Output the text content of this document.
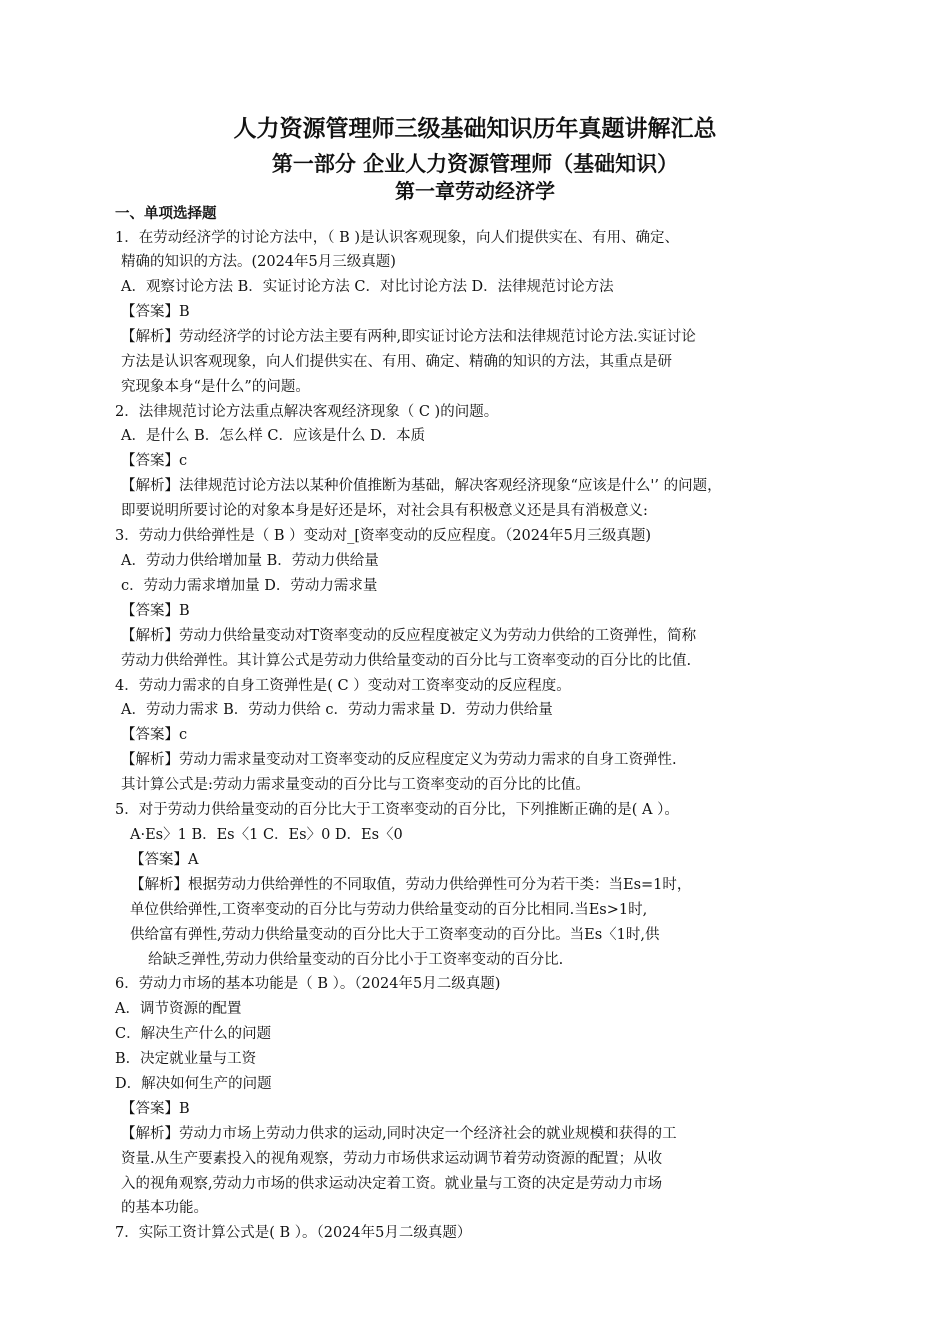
人力资源管理师三级基础知识历年真题讲解汇总
第一部分 企业人力资源管理师（基础知识）
第一章劳动经济学
一、单项选择题
1．在劳动经济学的讨论方法中，（ B )是认识客观现象，向人们提供实在、有用、确定、
精确的知识的方法。(2024年5月三级真题)
A．观察讨论方法 B．实证讨论方法 C．对比讨论方法 D．法律规范讨论方法
【答案】B
【解析】劳动经济学的讨论方法主要有两种,即实证讨论方法和法律规范讨论方法.实证讨论
方法是认识客观现象，向人们提供实在、有用、确定、精确的知识的方法，其重点是研
究现象本身“是什么”的问题。
2．法律规范讨论方法重点解决客观经济现象（ C )的问题。
A．是什么 B．怎么样 C．应该是什么 D．本质
【答案】c
【解析】法律规范讨论方法以某种价值推断为基础，解决客观经济现象“应该是什么'’ 的问题，
即要说明所要讨论的对象本身是好还是坏，对社会具有积极意义还是具有消极意义:
3．劳动力供给弹性是（ B ）变动对_[资率变动的反应程度。（2024年5月三级真题)
A．劳动力供给增加量 B．劳动力供给量
c．劳动力需求增加量 D．劳动力需求量
【答案】B
【解析】劳动力供给量变动对T资率变动的反应程度被定义为劳动力供给的工资弹性，简称
劳动力供给弹性。其计算公式是劳动力供给量变动的百分比与工资率变动的百分比的比值.
4．劳动力需求的自身工资弹性是( C ）变动对工资率变动的反应程度。
A．劳动力需求 B．劳动力供给 c．劳动力需求量 D．劳动力供给量
【答案】c
【解析】劳动力需求量变动对工资率变动的反应程度定义为劳动力需求的自身工资弹性.
其计算公式是:劳动力需求量变动的百分比与工资率变动的百分比的比值。
5．对于劳动力供给量变动的百分比大于工资率变动的百分比，下列推断正确的是( A ）。
A·Es〉1 B．Es〈1 C．Es〉0 D．Es〈0
【答案】A
【解析】根据劳动力供给弹性的不同取值，劳动力供给弹性可分为若干类：当Es=1时，
单位供给弹性,工资率变动的百分比与劳动力供给量变动的百分比相同.当Es>1时,
供给富有弹性,劳动力供给量变动的百分比大于工资率变动的百分比。当Es〈1时,供
给缺乏弹性,劳动力供给量变动的百分比小于工资率变动的百分比.
6．劳动力市场的基本功能是（ B ）。（2024年5月二级真题)
A．调节资源的配置
C．解决生产什么的问题
B．决定就业量与工资
D．解决如何生产的问题
【答案】B
【解析】劳动力市场上劳动力供求的运动,同时决定一个经济社会的就业规模和获得的工
资量.从生产要素投入的视角观察，劳动力市场供求运动调节着劳动资源的配置；从收
入的视角观察,劳动力市场的供求运动决定着工资。就业量与工资的决定是劳动力市场
的基本功能。
7．实际工资计算公式是( B ）。（2024年5月二级真题）
